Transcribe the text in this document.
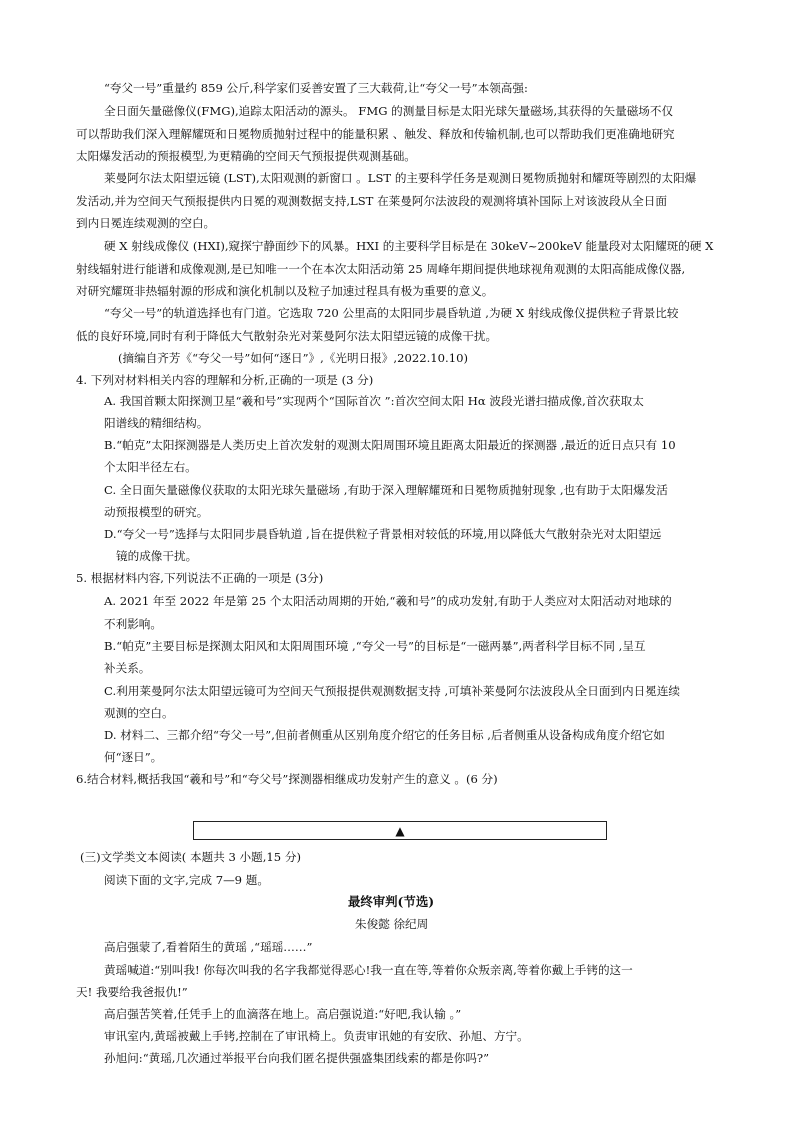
“夸父一号”重量约 859 公斤,科学家们妥善安置了三大载荷,让“夸父一号”本领高强:
全日面矢量磁像仪(FMG),追踪太阳活动的源头。 FMG 的测量目标是太阳光球矢量磁场,其获得的矢量磁场不仅
可以帮助我们深入理解耀斑和日冕物质抛射过程中的能量积累 、触发、释放和传输机制,也可以帮助我们更准确地研究
太阳爆发活动的预报模型,为更精确的空间天气预报提供观测基础。
莱曼阿尔法太阳望远镜 (LST),太阳观测的新窗口 。LST 的主要科学任务是观测日冕物质抛射和耀斑等剧烈的太阳爆
发活动,并为空间天气预报提供内日冕的观测数据支持,LST 在莱曼阿尔法波段的观测将填补国际上对该波段从全日面
到内日冕连续观测的空白。
硬 X 射线成像仪 (HXI),窥探宁静面纱下的风暴。HXI 的主要科学目标是在 30keV~200keV 能量段对太阳耀斑的硬 X
射线辐射进行能谱和成像观测,是已知唯一一个在本次太阳活动第 25 周峰年期间提供地球视角观测的太阳高能成像仪器,
对研究耀斑非热辐射源的形成和演化机制以及粒子加速过程具有极为重要的意义。
“夸父一号”的轨道选择也有门道。它选取 720 公里高的太阳同步晨昏轨道 ,为硬 X 射线成像仪提供粒子背景比较
低的良好环境,同时有利于降低大气散射杂光对莱曼阿尔法太阳望远镜的成像干扰。
(摘编自齐芳《“夸父一号”如何“逐日”》,《光明日报》,2022.10.10)
4. 下列对材料相关内容的理解和分析,正确的一项是 (3 分)
A. 我国首颗太阳探测卫星“羲和号”实现两个“国际首次 ”:首次空间太阳 Hα 波段光谱扫描成像,首次获取太
阳谱线的精细结构。
B.“帕克”太阳探测器是人类历史上首次发射的观测太阳周围环境且距离太阳最近的探测器 ,最近的近日点只有 10
个太阳半径左右。
C. 全日面矢量磁像仪获取的太阳光球矢量磁场 ,有助于深入理解耀斑和日冕物质抛射现象 ,也有助于太阳爆发活
动预报模型的研究。
D.“夸父一号”选择与太阳同步晨昏轨道 ,旨在提供粒子背景相对较低的环境,用以降低大气散射杂光对太阳望远
镜的成像干扰。
5. 根据材料内容,下列说法不正确的一项是 (3分)
A. 2021 年至 2022 年是第 25 个太阳活动周期的开始,“羲和号”的成功发射,有助于人类应对太阳活动对地球的
不利影响。
B.“帕克”主要目标是探测太阳风和太阳周围环境 ,“夸父一号”的目标是“一磁两暴”,两者科学目标不同 ,呈互
补关系。
C.利用莱曼阿尔法太阳望远镜可为空间天气预报提供观测数据支持 ,可填补莱曼阿尔法波段从全日面到内日冕连续
观测的空白。
D. 材料二、三都介绍“夸父一号”,但前者侧重从区别角度介绍它的任务目标 ,后者侧重从设备构成角度介绍它如
何“逐日”。
6.结合材料,概括我国“羲和号”和“夸父号”探测器相继成功发射产生的意义 。(6 分)
▲
(三)文学类文本阅读( 本题共 3 小题,15 分)
阅读下面的文字,完成 7—9 题。
最终审判(节选)
朱俊懿 徐纪周
高启强蒙了,看着陌生的黄瑶 ,“瑶瑶……”
黄瑶喊道:“别叫我! 你每次叫我的名字我都觉得恶心!我一直在等,等着你众叛亲离,等着你戴上手铐的这一
天! 我要给我爸报仇!”
高启强苦笑着,任凭手上的血滴落在地上。高启强说道:“好吧,我认输 。”
审讯室内,黄瑶被戴上手铐,控制在了审讯椅上。负责审讯她的有安欣、孙旭、方宁。
孙旭问:“黄瑶,几次通过举报平台向我们匿名提供强盛集团线索的都是你吗?”
